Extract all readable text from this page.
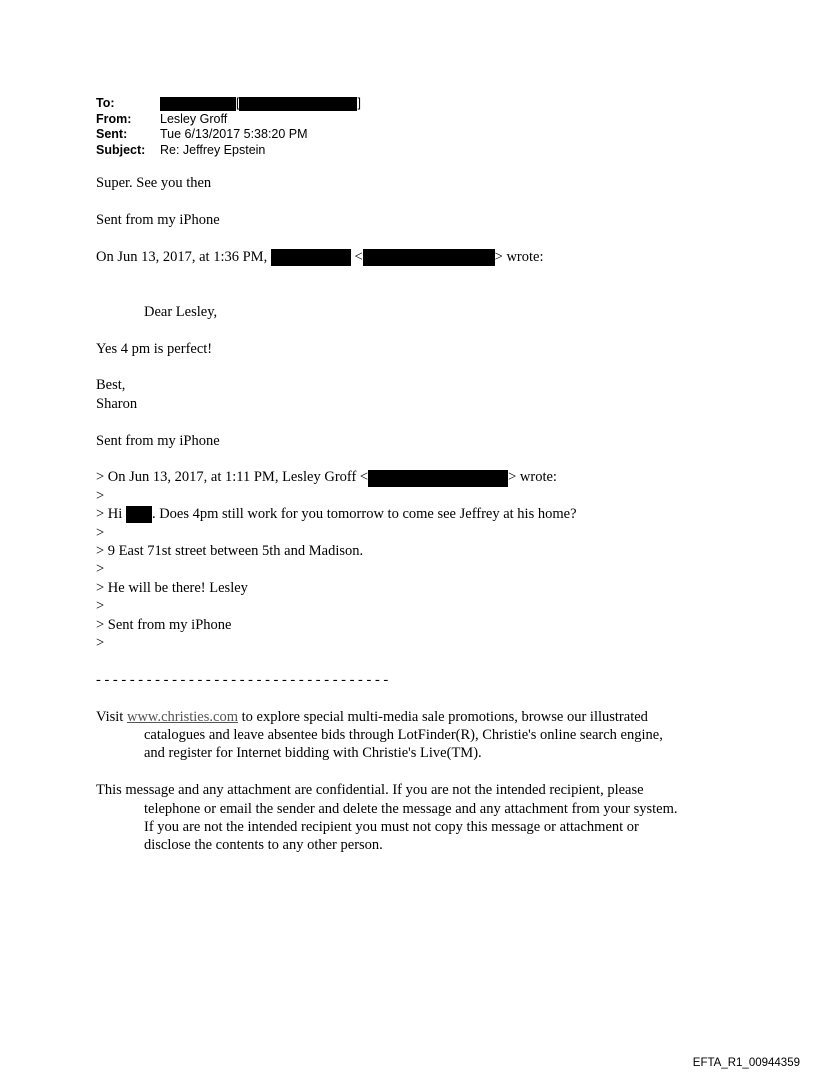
To:	[	]
From:	Lesley Groff
Sent:	Tue 6/13/2017 5:38:20 PM
Subject:	Re: Jeffrey Epstein

Super. See you then

Sent from my iPhone

On Jun 13, 2017, at 1:36 PM,	<	> wrote:

Dear Lesley,

Yes 4 pm is perfect!

Best,

Sharon

Sent from my iPhone

> On Jun 13, 2017, at 1:11 PM, Lesley Groff <	> wrote:

>

> Hi . Does 4pm still work for you tomorrow to come see Jeffrey at his home?

>

> 9 East 71st street between 5th and Madison.

>

> He will be there! Lesley

>

> Sent from my iPhone

>

- - - - - - - - - - - - - - - - - - - - - - - - - - - - - - - - - - -

Visit www.christies.com to explore special multi-media sale promotions, browse our illustrated catalogues and leave absentee bids through LotFinder(R), Christie's online search engine, and register for Internet bidding with Christie's Live(TM).

This message and any attachment are confidential. If you are not the intended recipient, please telephone or email the sender and delete the message and any attachment from your system. If you are not the intended recipient you must not copy this message or attachment or disclose the contents to any other person.

EFTA_R1_00944359
